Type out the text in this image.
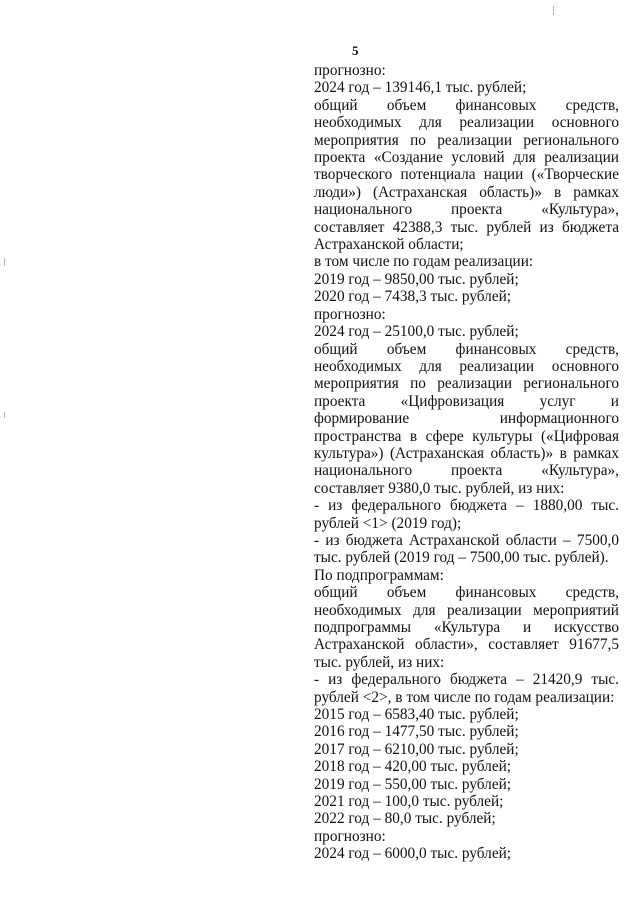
5

прогнозно:

2024 год – 139146,1 тыс. рублей;

общий объем финансовых средств, необходимых для реализации основного мероприятия по реализации регионального проекта «Создание условий для реализации творческого потенциала нации («Творческие люди») (Астраханская область)» в рамках национального проекта «Культура», составляет 42388,3 тыс. рублей из бюджета Астраханской области;

в том числе по годам реализации:

2019 год – 9850,00 тыс. рублей;

2020 год – 7438,3 тыс. рублей;

прогнозно:

2024 год – 25100,0 тыс. рублей;

общий объем финансовых средств, необходимых для реализации основного мероприятия по реализации регионального проекта «Цифровизация услуг и формирование информационного пространства в сфере культуры («Цифровая культура») (Астраханская область)» в рамках национального проекта «Культура», составляет 9380,0 тыс. рублей, из них:

- из федерального бюджета – 1880,00 тыс. рублей <1> (2019 год);

- из бюджета Астраханской области – 7500,0 тыс. рублей (2019 год – 7500,00 тыс. рублей).

По подпрограммам:

общий объем финансовых средств, необходимых для реализации мероприятий подпрограммы «Культура и искусство Астраханской области», составляет 91677,5 тыс. рублей, из них:

- из федерального бюджета – 21420,9 тыс. рублей <2>, в том числе по годам реализации:

2015 год – 6583,40 тыс. рублей;

2016 год – 1477,50 тыс. рублей;

2017 год – 6210,00 тыс. рублей;

2018 год – 420,00 тыс. рублей;

2019 год – 550,00 тыс. рублей;

2021 год – 100,0 тыс. рублей;

2022 год – 80,0 тыс. рублей;

прогнозно:

2024 год – 6000,0 тыс. рублей;
